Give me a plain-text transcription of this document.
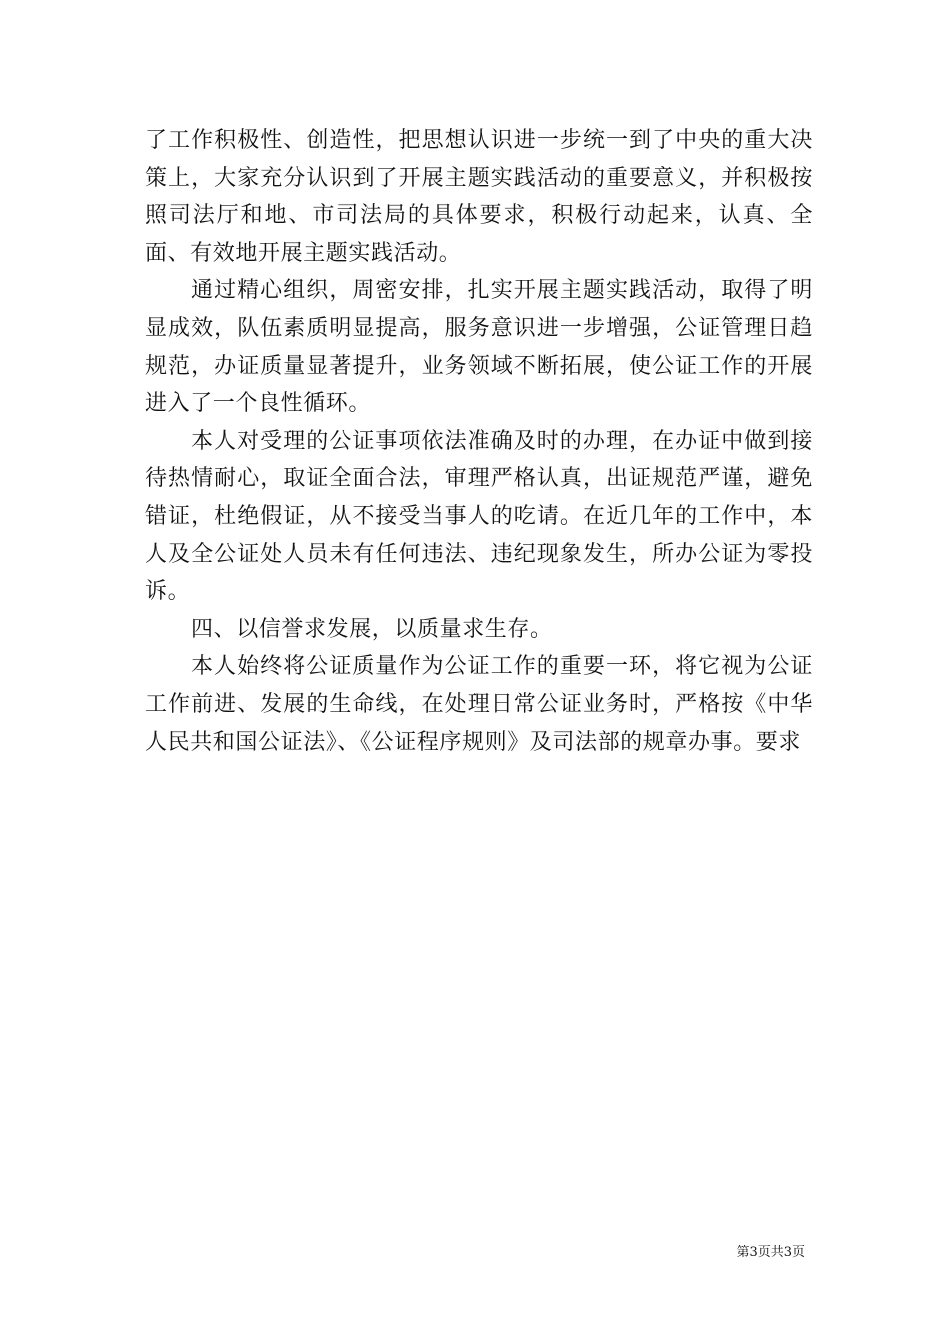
了工作积极性、创造性，把思想认识进一步统一到了中央的重大决策上，大家充分认识到了开展主题实践活动的重要意义，并积极按照司法厅和地、市司法局的具体要求，积极行动起来，认真、全面、有效地开展主题实践活动。

通过精心组织，周密安排，扎实开展主题实践活动，取得了明显成效，队伍素质明显提高，服务意识进一步增强，公证管理日趋规范，办证质量显著提升，业务领域不断拓展，使公证工作的开展进入了一个良性循环。

本人对受理的公证事项依法准确及时的办理，在办证中做到接待热情耐心，取证全面合法，审理严格认真，出证规范严谨，避免错证，杜绝假证，从不接受当事人的吃请。在近几年的工作中，本人及全公证处人员未有任何违法、违纪现象发生，所办公证为零投诉。

四、以信誉求发展，以质量求生存。

本人始终将公证质量作为公证工作的重要一环，将它视为公证工作前进、发展的生命线，在处理日常公证业务时，严格按《中华人民共和国公证法》、《公证程序规则》及司法部的规章办事。要求

第3页共3页
